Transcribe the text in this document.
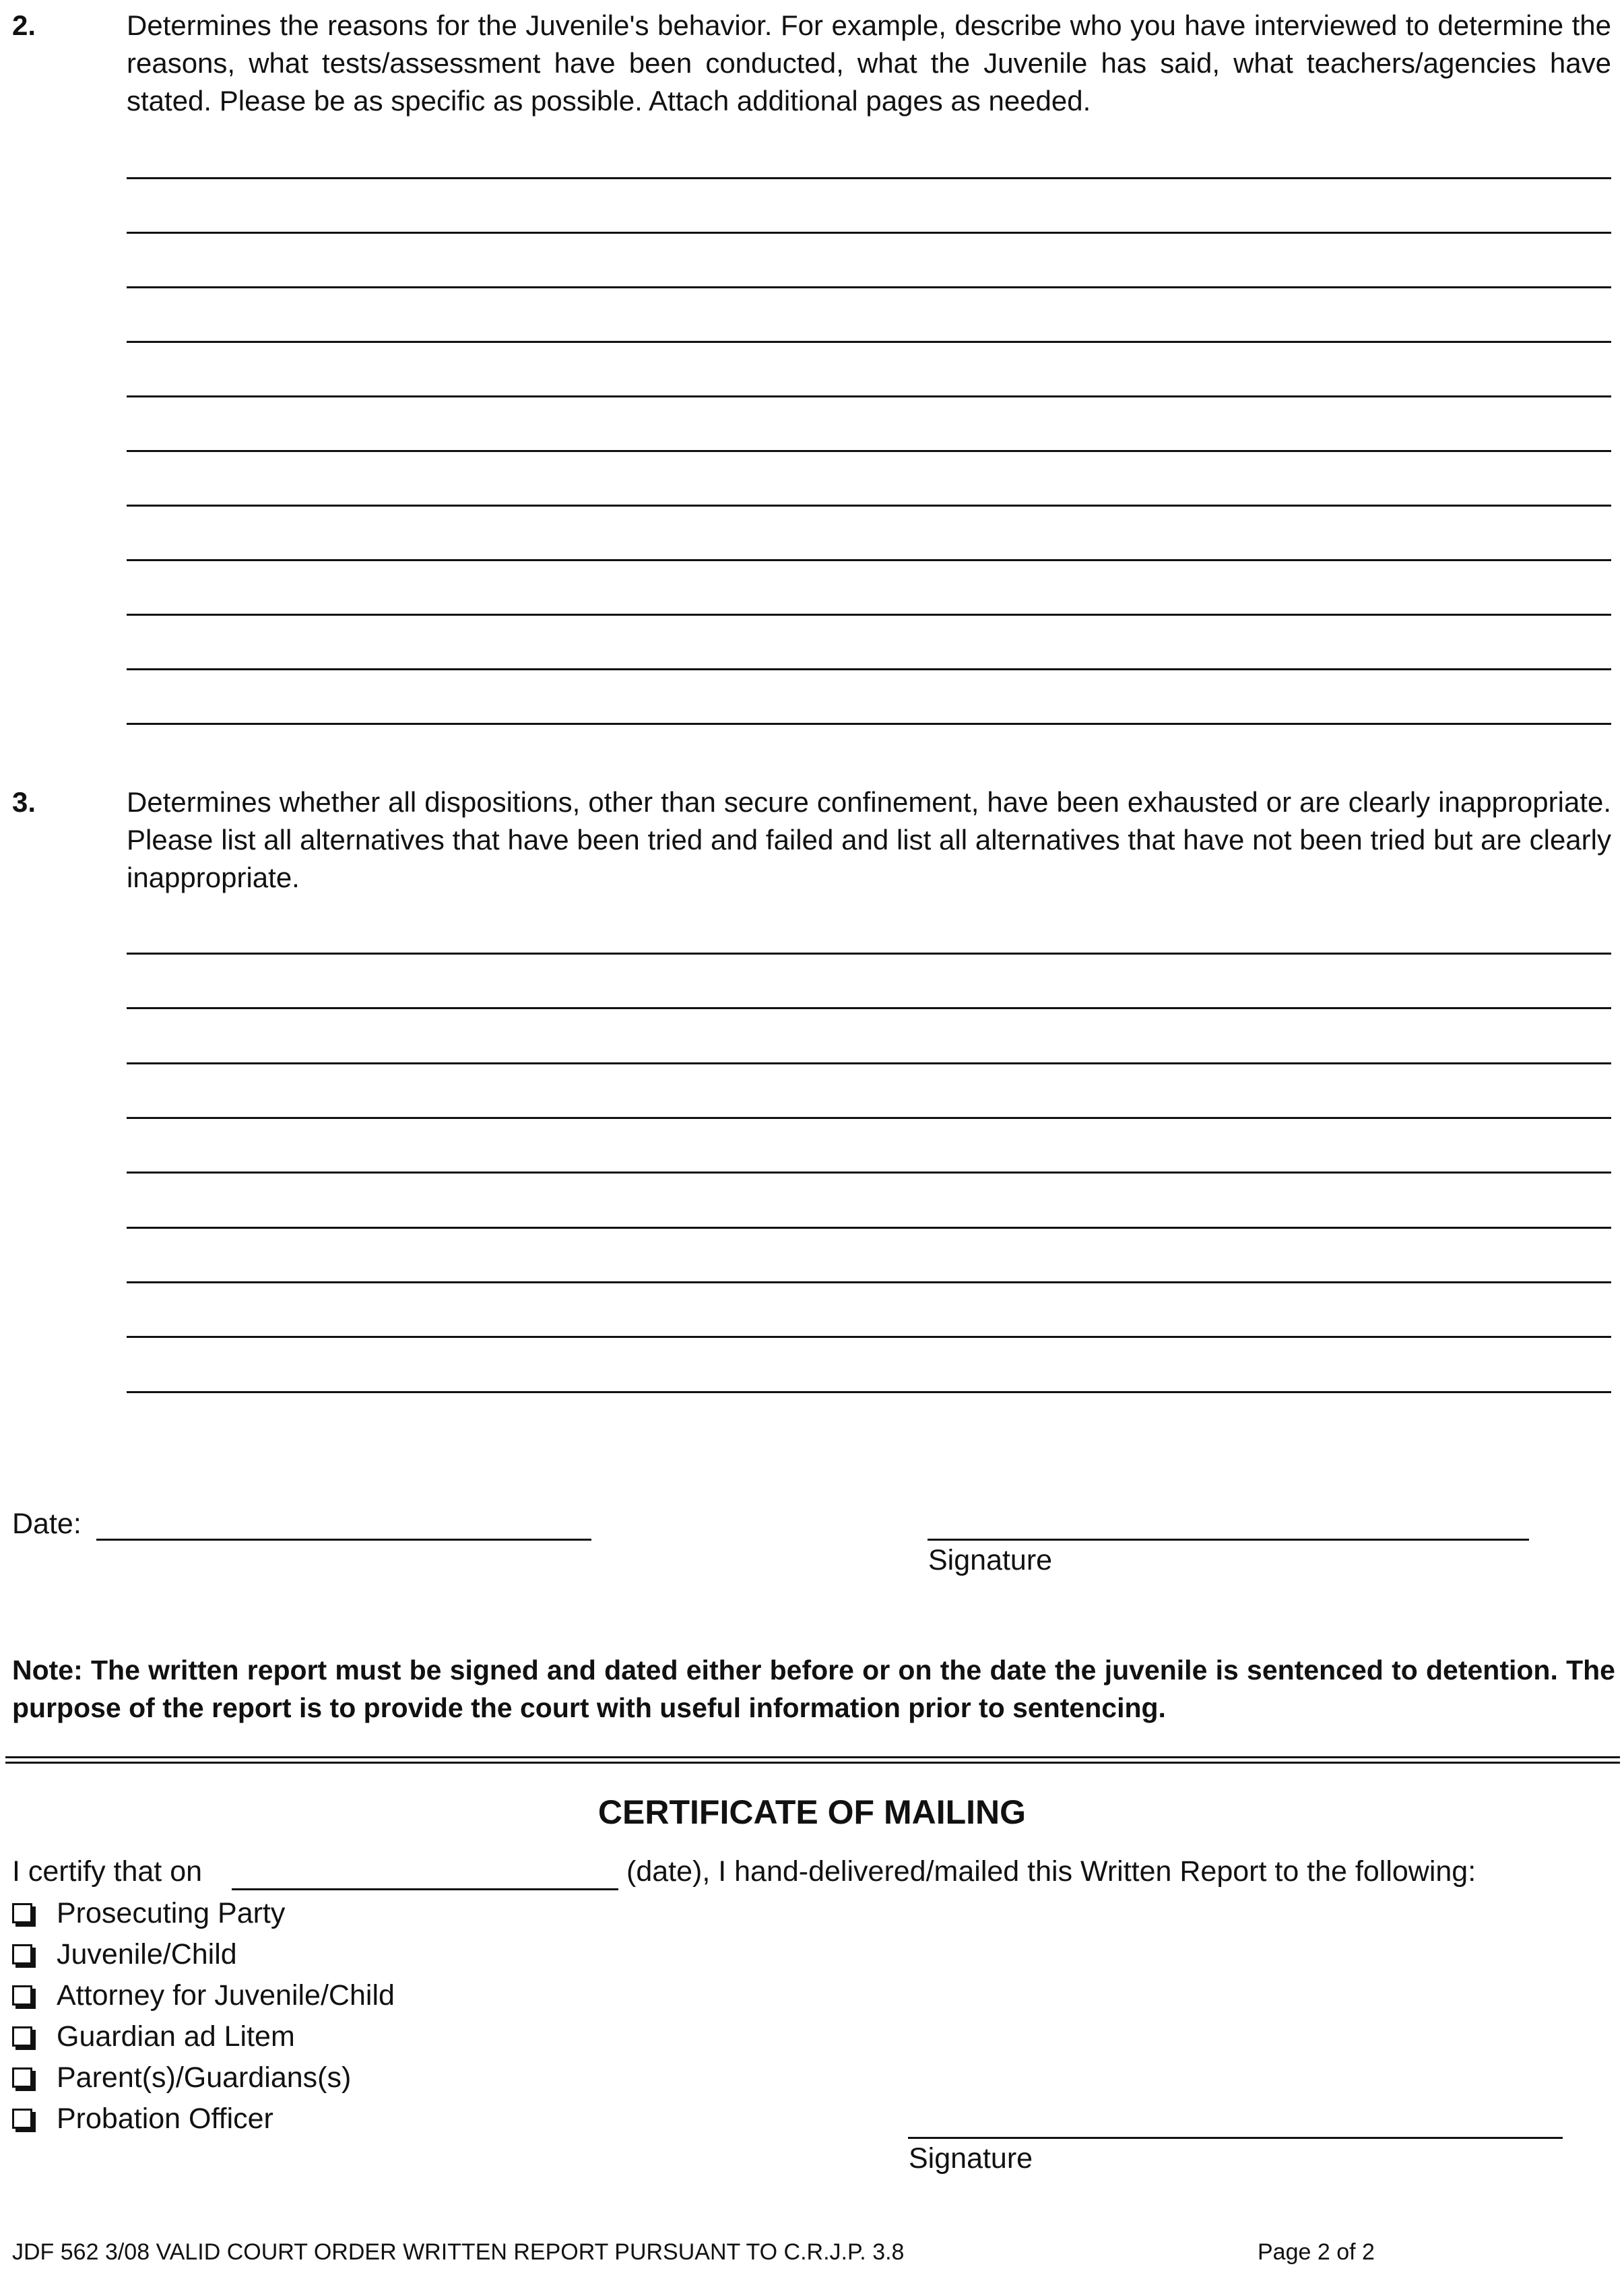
2.	Determines the reasons for the Juvenile's behavior. For example, describe who you have interviewed to determine the reasons, what tests/assessment have been conducted, what the Juvenile has said, what teachers/agencies have stated. Please be as specific as possible. Attach additional pages as needed.
3.	Determines whether all dispositions, other than secure confinement, have been exhausted or are clearly inappropriate. Please list all alternatives that have been tried and failed and list all alternatives that have not been tried but are clearly inappropriate.
Date:
Signature
Note: The written report must be signed and dated either before or on the date the juvenile is sentenced to detention. The purpose of the report is to provide the court with useful information prior to sentencing.
CERTIFICATE OF MAILING
I certify that on	(date), I hand-delivered/mailed this Written Report to the following:
Prosecuting Party
Juvenile/Child
Attorney for Juvenile/Child
Guardian ad Litem
Parent(s)/Guardians(s)
Probation Officer
Signature
JDF 562 3/08 VALID COURT ORDER WRITTEN REPORT PURSUANT TO C.R.J.P. 3.8	Page 2 of 2
